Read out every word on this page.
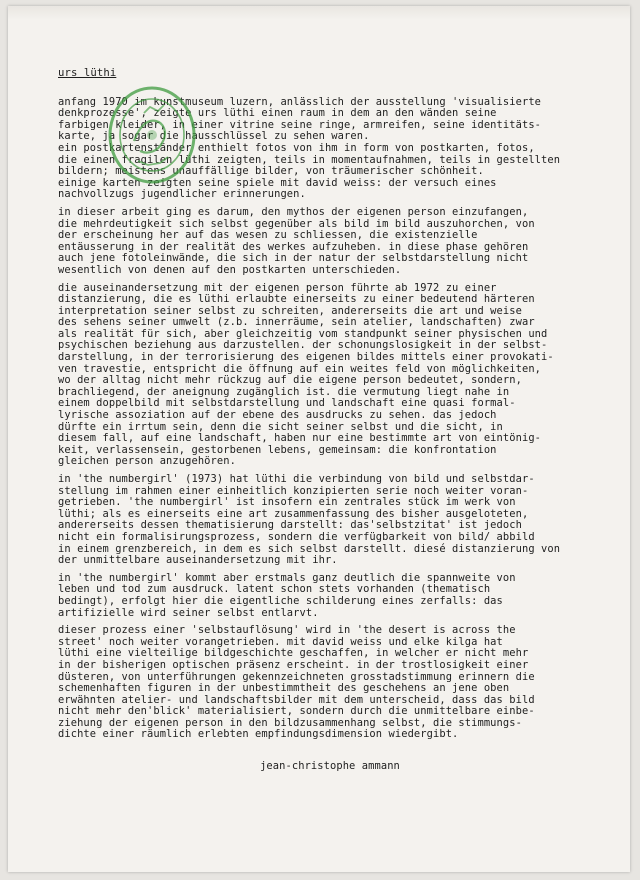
urs lüthi
anfang 1970 im kunstmuseum luzern, anlässlich der ausstellung 'visualisierte
denkprozesse', zeigte urs lüthi einen raum in dem an den wänden seine
farbigen kleider, in einer vitrine seine ringe, armreifen, seine identitäts-
karte, ja sogar die hausschlüssel zu sehen waren.
ein postkartenständer enthielt fotos von ihm in form von postkarten, fotos,
die einen fragilen lüthi zeigten, teils in momentaufnahmen, teils in gestellten
bildern; meistens unauffällige bilder, von träumerischer schönheit.
einige karten zeigten seine spiele mit david weiss: der versuch eines
nachvollzugs jugendlicher erinnerungen.
in dieser arbeit ging es darum, den mythos der eigenen person einzufangen,
die mehrdeutigkeit sich selbst gegenüber als bild im bild auszuhorchen, von
der erscheinung her auf das wesen zu schliessen, die existenzielle
entäusserung in der realität des werkes aufzuheben. in diese phase gehören
auch jene fotoleinwände, die sich in der natur der selbstdarstellung nicht
wesentlich von denen auf den postkarten unterschieden.
die auseinandersetzung mit der eigenen person führte ab 1972 zu einer
distanzierung, die es lüthi erlaubte einerseits zu einer bedeutend härteren
interpretation seiner selbst zu schreiten, andererseits die art und weise
des sehens seiner umwelt (z.b. innerräume, sein atelier, landschaften) zwar
als realität für sich, aber gleichzeitig vom standpunkt seiner physischen und
psychischen beziehung aus darzustellen. der schonungslosigkeit in der selbst-
darstellung, in der terrorisierung des eigenen bildes mittels einer provokati-
ven travestie, entspricht die öffnung auf ein weites feld von möglichkeiten,
wo der alltag nicht mehr rückzug auf die eigene person bedeutet, sondern,
brachliegend, der aneignung zugänglich ist. die vermutung liegt nahe in
einem doppelbild mit selbstdarstellung und landschaft eine quasi formal-
lyrische assoziation auf der ebene des ausdrucks zu sehen. das jedoch
dürfte ein irrtum sein, denn die sicht seiner selbst und die sicht, in
diesem fall, auf eine landschaft, haben nur eine bestimmte art von eintönig-
keit, verlassensein, gestorbenen lebens, gemeinsam: die konfrontation
gleichen person anzugehören.
in 'the numbergirl' (1973) hat lüthi die verbindung von bild und selbstdar-
stellung im rahmen einer einheitlich konzipierten serie noch weiter voran-
getrieben. 'the numbergirl' ist insofern ein zentrales stück im werk von
lüthi; als es einerseits eine art zusammenfassung des bisher ausgeloteten,
andererseits dessen thematisierung darstellt: das'selbstzitat' ist jedoch
nicht ein formalisirungsprozess, sondern die verfügbarkeit von bild/ abbild
in einem grenzbereich, in dem es sich selbst darstellt. diesé distanzierung von
der unmittelbare auseinandersetzung mit ihr.
in 'the numbergirl' kommt aber erstmals ganz deutlich die spannweite von
leben und tod zum ausdruck. latent schon stets vorhanden (thematisch
bedingt), erfolgt hier die eigentliche schilderung eines zerfalls: das
artifizielle wird seiner selbst entlarvt.
dieser prozess einer 'selbstauflösung' wird in 'the desert is across the
street' noch weiter vorangetrieben. mit david weiss und elke kilga hat
lüthi eine vielteilige bildgeschichte geschaffen, in welcher er nicht mehr
in der bisherigen optischen präsenz erscheint. in der trostlosigkeit einer
düsteren, von unterführungen gekennzeichneten grosstadstimmung erinnern die
schemenhaften figuren in der unbestimmtheit des geschehens an jene oben
erwähnten atelier- und landschaftsbilder mit dem unterscheid, dass das bild
nicht mehr den'blick' materialisiert, sondern durch die unmittelbare einbe-
ziehung der eigenen person in den bildzusammenhang selbst, die stimmungs-
dichte einer räumlich erlebten empfindungsdimension wiedergibt.
jean-christophe ammann
